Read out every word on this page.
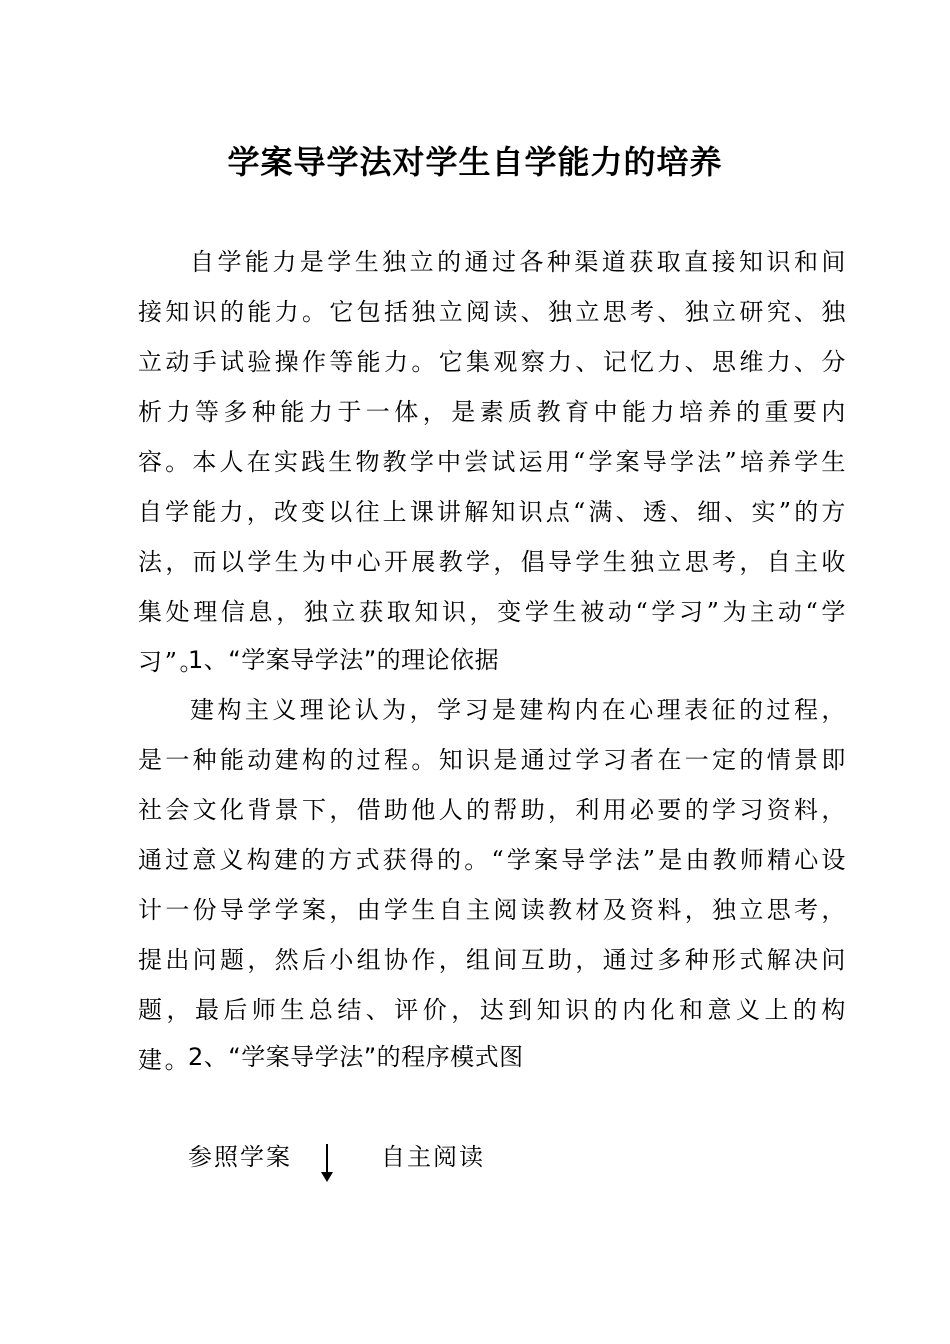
学案导学法对学生自学能力的培养

自学能力是学生独立的通过各种渠道获取直接知识和间接知识的能力。它包括独立阅读、独立思考、独立研究、独立动手试验操作等能力。它集观察力、记忆力、思维力、分析力等多种能力于一体，是素质教育中能力培养的重要内容。本人在实践生物教学中尝试运用“学案导学法”培养学生自学能力，改变以往上课讲解知识点“满、透、细、实”的方法，而以学生为中心开展教学，倡导学生独立思考，自主收集处理信息，独立获取知识，变学生被动“学习”为主动“学习”。

1、“学案导学法”的理论依据

建构主义理论认为，学习是建构内在心理表征的过程，是一种能动建构的过程。知识是通过学习者在一定的情景即社会文化背景下，借助他人的帮助，利用必要的学习资料，通过意义构建的方式获得的。“学案导学法”是由教师精心设计一份导学学案，由学生自主阅读教材及资料，独立思考，提出问题，然后小组协作，组间互助，通过多种形式解决问题，最后师生总结、评价，达到知识的内化和意义上的构建。

2、“学案导学法”的程序模式图
参照学案	自主阅读
